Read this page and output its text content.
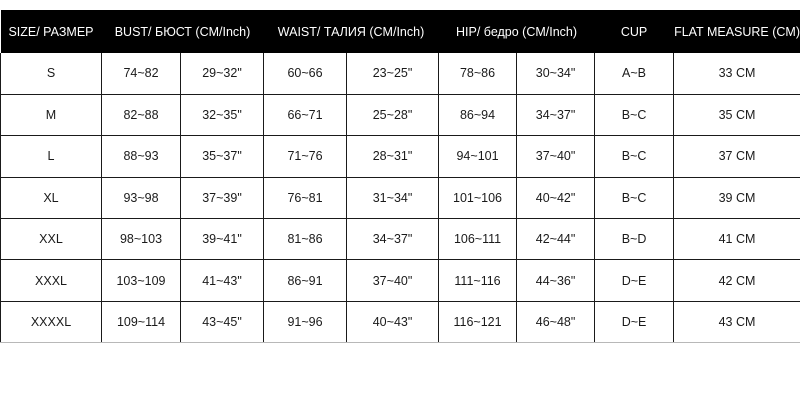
SIZE/ РАЗМЕР	BUST/ БЮСТ (CM/Inch)		WAIST/ ТАЛИЯ (CM/Inch)		HIP/ бедро (CM/Inch)		CUP	FLAT MEASURE (CM)
S	74~82	29~32"	60~66	23~25"	78~86	30~34"	A~B	33 CM
M	82~88	32~35"	66~71	25~28"	86~94	34~37"	B~C	35 CM
L	88~93	35~37"	71~76	28~31"	94~101	37~40"	B~C	37 CM
XL	93~98	37~39"	76~81	31~34"	101~106	40~42"	B~C	39 CM
XXL	98~103	39~41"	81~86	34~37"	106~111	42~44"	B~D	41 CM
XXXL	103~109	41~43"	86~91	37~40"	111~116	44~36"	D~E	42 CM
XXXXL	109~114	43~45"	91~96	40~43"	116~121	46~48"	D~E	43 CM
